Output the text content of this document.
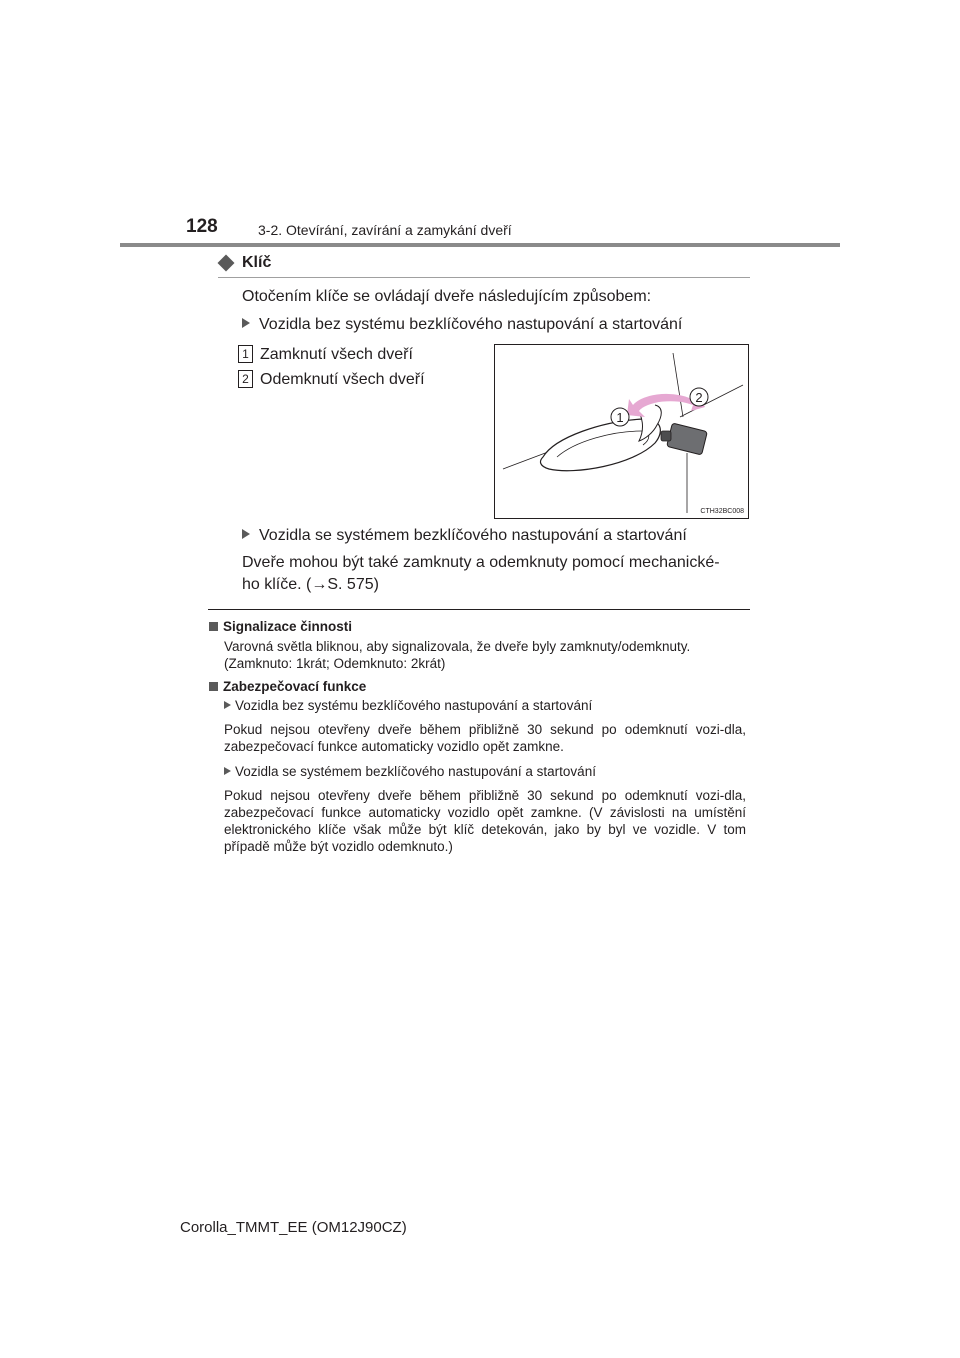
128	3-2. Otevírání, zavírání a zamykání dveří
Klíč
Otočením klíče se ovládají dveře následujícím způsobem:
Vozidla bez systému bezklíčového nastupování a startování
1 Zamknutí všech dveří
2 Odemknutí všech dveří
1
2
CTH32BC008
Vozidla se systémem bezklíčového nastupování a startování
Dveře mohou být také zamknuty a odemknuty pomocí mechanické-
ho klíče. (→S. 575)
Signalizace činnosti
Varovná světla bliknou, aby signalizovala, že dveře byly zamknuty/odemknuty. (Zamknuto: 1krát; Odemknuto: 2krát)
Zabezpečovací funkce
Vozidla bez systému bezklíčového nastupování a startování
Pokud nejsou otevřeny dveře během přibližně 30 sekund po odemknutí vozi-dla, zabezpečovací funkce automaticky vozidlo opět zamkne.
Vozidla se systémem bezklíčového nastupování a startování
Pokud nejsou otevřeny dveře během přibližně 30 sekund po odemknutí vozi-dla, zabezpečovací funkce automaticky vozidlo opět zamkne. (V závislosti na umístění elektronického klíče však může být klíč detekován, jako by byl ve vozidle. V tom případě může být vozidlo odemknuto.)
Corolla_TMMT_EE (OM12J90CZ)
